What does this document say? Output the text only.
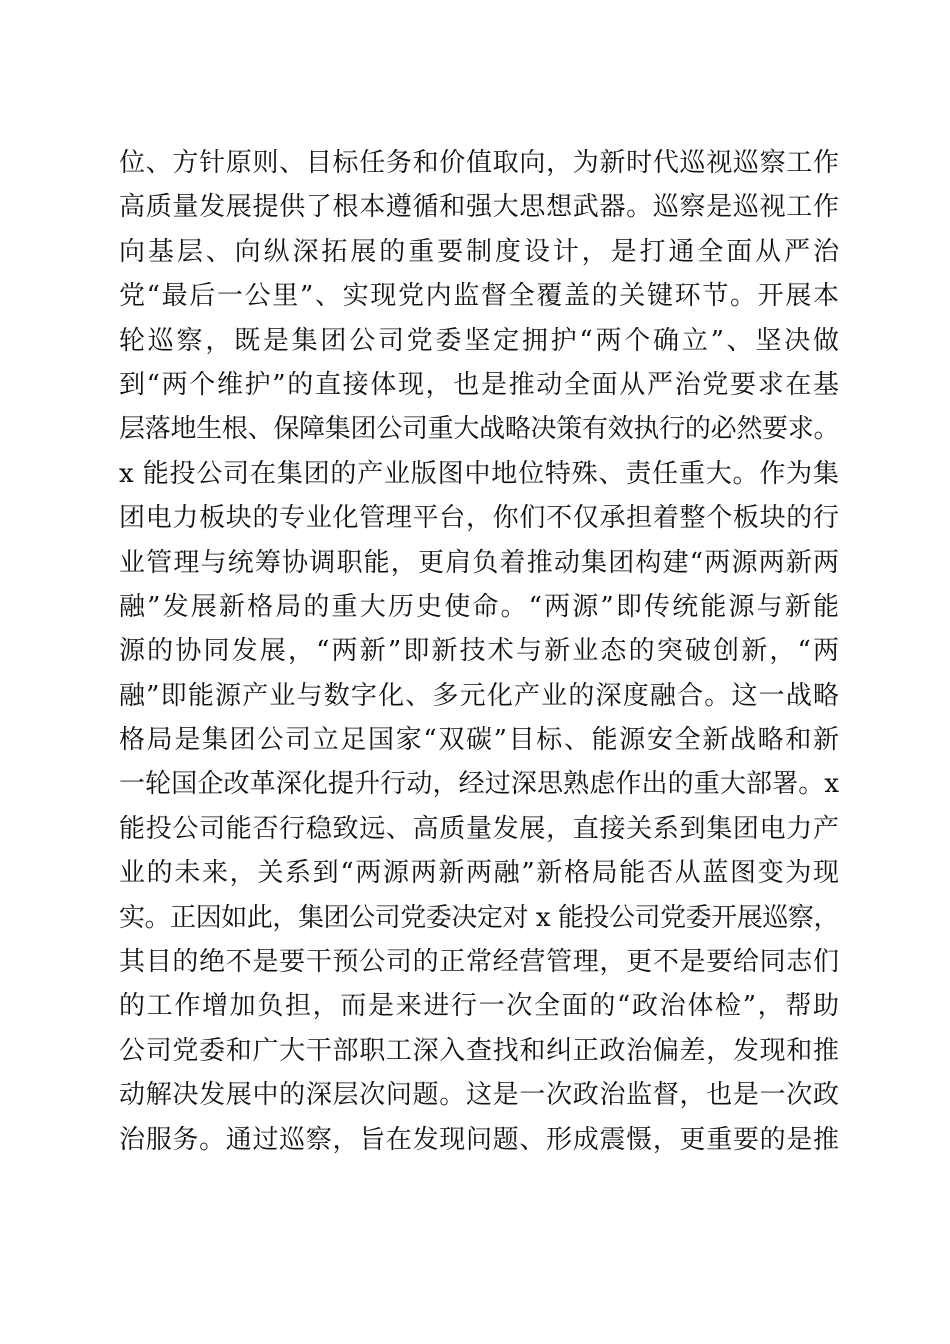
位、方针原则、目标任务和价值取向，为新时代巡视巡察工作
高质量发展提供了根本遵循和强大思想武器。巡察是巡视工作
向基层、向纵深拓展的重要制度设计，是打通全面从严治
党“最后一公里”、实现党内监督全覆盖的关键环节。开展本
轮巡察，既是集团公司党委坚定拥护“两个确立”、坚决做
到“两个维护”的直接体现，也是推动全面从严治党要求在基
层落地生根、保障集团公司重大战略决策有效执行的必然要求。
x 能投公司在集团的产业版图中地位特殊、责任重大。作为集
团电力板块的专业化管理平台，你们不仅承担着整个板块的行
业管理与统筹协调职能，更肩负着推动集团构建“两源两新两
融”发展新格局的重大历史使命。“两源”即传统能源与新能
源的协同发展，“两新”即新技术与新业态的突破创新，“两
融”即能源产业与数字化、多元化产业的深度融合。这一战略
格局是集团公司立足国家“双碳”目标、能源安全新战略和新
一轮国企改革深化提升行动，经过深思熟虑作出的重大部署。x
能投公司能否行稳致远、高质量发展，直接关系到集团电力产
业的未来，关系到“两源两新两融”新格局能否从蓝图变为现
实。正因如此，集团公司党委决定对 x 能投公司党委开展巡察，
其目的绝不是要干预公司的正常经营管理，更不是要给同志们
的工作增加负担，而是来进行一次全面的“政治体检”，帮助
公司党委和广大干部职工深入查找和纠正政治偏差，发现和推
动解决发展中的深层次问题。这是一次政治监督，也是一次政
治服务。通过巡察，旨在发现问题、形成震慑，更重要的是推
